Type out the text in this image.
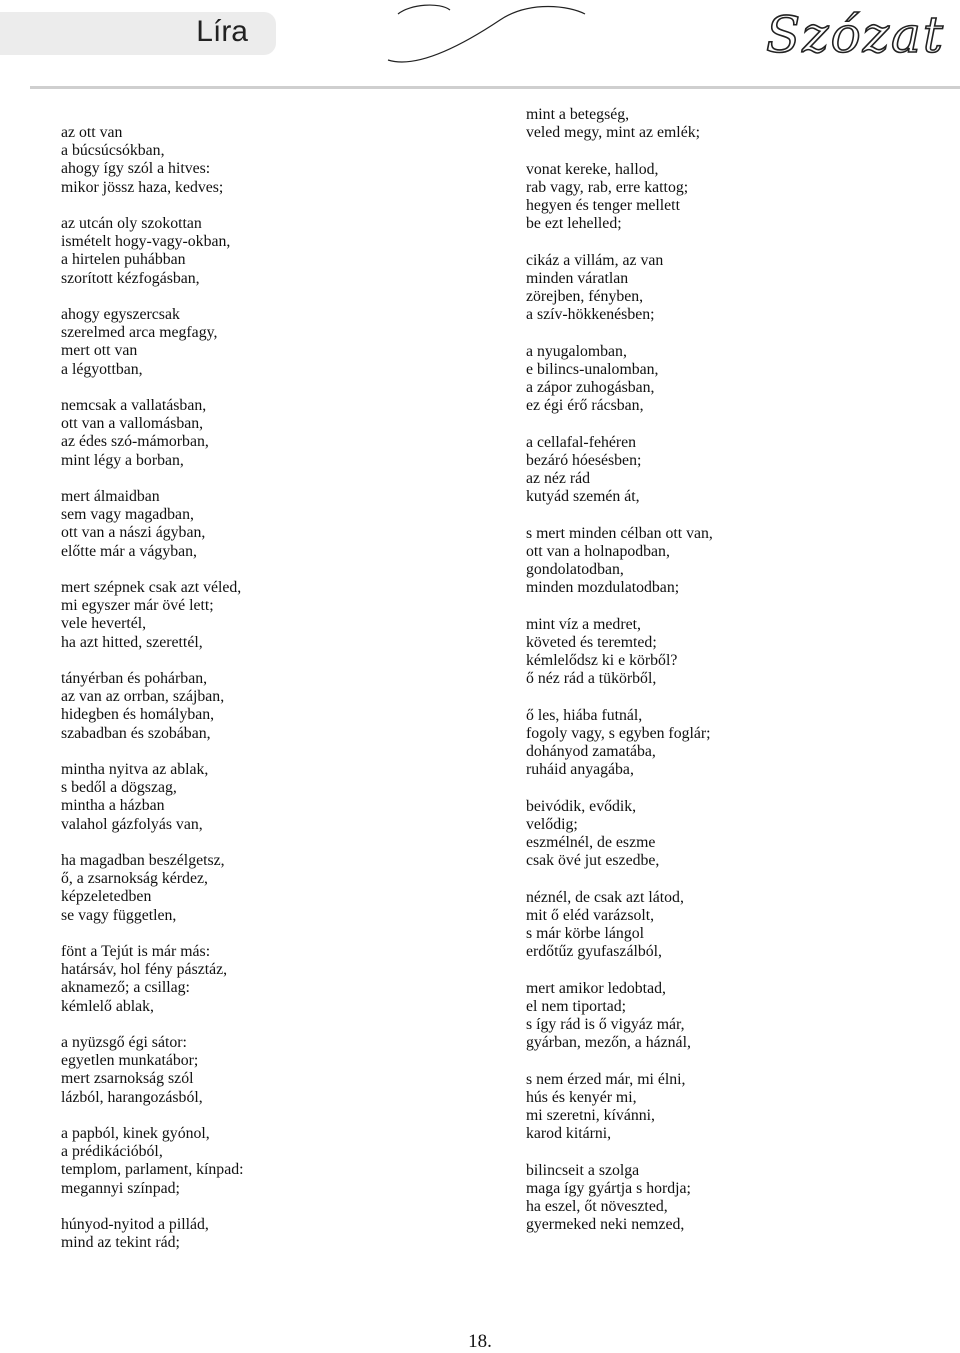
Líra	Szózat
az ott van
a búcsúcsókban,
ahogy így szól a hitves:
mikor jössz haza, kedves;
az utcán oly szokottan
ismételt hogy-vagy-okban,
a hirtelen puhábban
szorított kézfogásban,
ahogy egyszercsak
szerelmed arca megfagy,
mert ott van
a légyottban,
nemcsak a vallatásban,
ott van a vallomásban,
az édes szó-mámorban,
mint légy a borban,
mert álmaidban
sem vagy magadban,
ott van a nászi ágyban,
előtte már a vágyban,
mert szépnek csak azt véled,
mi egyszer már övé lett;
vele hevertél,
ha azt hitted, szerettél,
tányérban és pohárban,
az van az orrban, szájban,
hidegben és homályban,
szabadban és szobában,
mintha nyitva az ablak,
s bedől a dögszag,
mintha a házban
valahol gázfolyás van,
ha magadban beszélgetsz,
ő, a zsarnokság kérdez,
képzeletedben
se vagy független,
fönt a Tejút is már más:
határsáv, hol fény pásztáz,
aknamező; a csillag:
kémlelő ablak,
a nyüzsgő égi sátor:
egyetlen munkatábor;
mert zsarnokság szól
lázból, harangozásból,
a papból, kinek gyónol,
a prédikációból,
templom, parlament, kínpad:
megannyi színpad;
húnyod-nyitod a pillád,
mind az tekint rád;
mint a betegség,
veled megy, mint az emlék;
vonat kereke, hallod,
rab vagy, rab, erre kattog;
hegyen és tenger mellett
be ezt lehelled;
cikáz a villám, az van
minden váratlan
zörejben, fényben,
a szív-hökkenésben;
a nyugalomban,
e bilincs-unalomban,
a zápor zuhogásban,
ez égi érő rácsban,
a cellafal-fehéren
bezáró hóesésben;
az néz rád
kutyád szemén át,
s mert minden célban ott van,
ott van a holnapodban,
gondolatodban,
minden mozdulatodban;
mint víz a medret,
követed és teremted;
kémlelődsz ki e körből?
ő néz rád a tükörből,
ő les, hiába futnál,
fogoly vagy, s egyben foglár;
dohányod zamatába,
ruháid anyagába,
beivódik, evődik,
velődig;
eszmélnél, de eszme
csak övé jut eszedbe,
néznél, de csak azt látod,
mit ő eléd varázsolt,
s már körbe lángol
erdőtűz gyufaszálból,
mert amikor ledobtad,
el nem tiportad;
s így rád is ő vigyáz már,
gyárban, mezőn, a háznál,
s nem érzed már, mi élni,
hús és kenyér mi,
mi szeretni, kívánni,
karod kitárni,
bilincseit a szolga
maga így gyártja s hordja;
ha eszel, őt növeszted,
gyermeked neki nemzed,
18.
